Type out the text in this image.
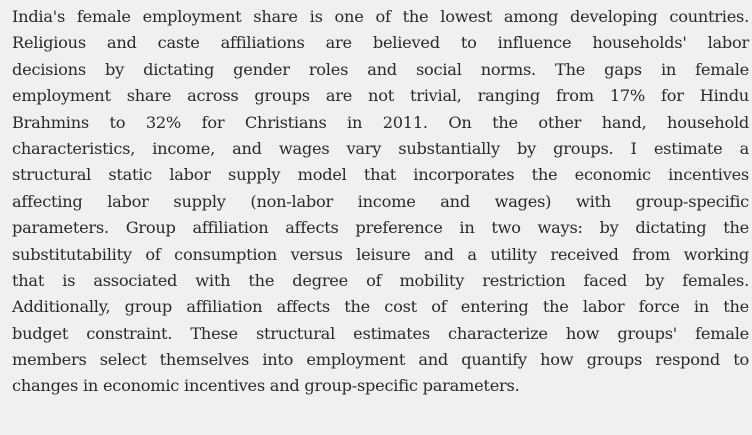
India's female employment share is one of the lowest among developing countries.
Religious and caste affiliations are believed to influence households' labor
decisions by dictating gender roles and social norms. The gaps in female
employment share across groups are not trivial, ranging from 17% for Hindu
Brahmins to 32% for Christians in 2011. On the other hand, household
characteristics, income, and wages vary substantially by groups. I estimate a
structural static labor supply model that incorporates the economic incentives
affecting labor supply (non-labor income and wages) with group-specific
parameters. Group affiliation affects preference in two ways: by dictating the
substitutability of consumption versus leisure and a utility received from working
that is associated with the degree of mobility restriction faced by females.
Additionally, group affiliation affects the cost of entering the labor force in the
budget constraint. These structural estimates characterize how groups' female
members select themselves into employment and quantify how groups respond to
changes in economic incentives and group-specific parameters.
